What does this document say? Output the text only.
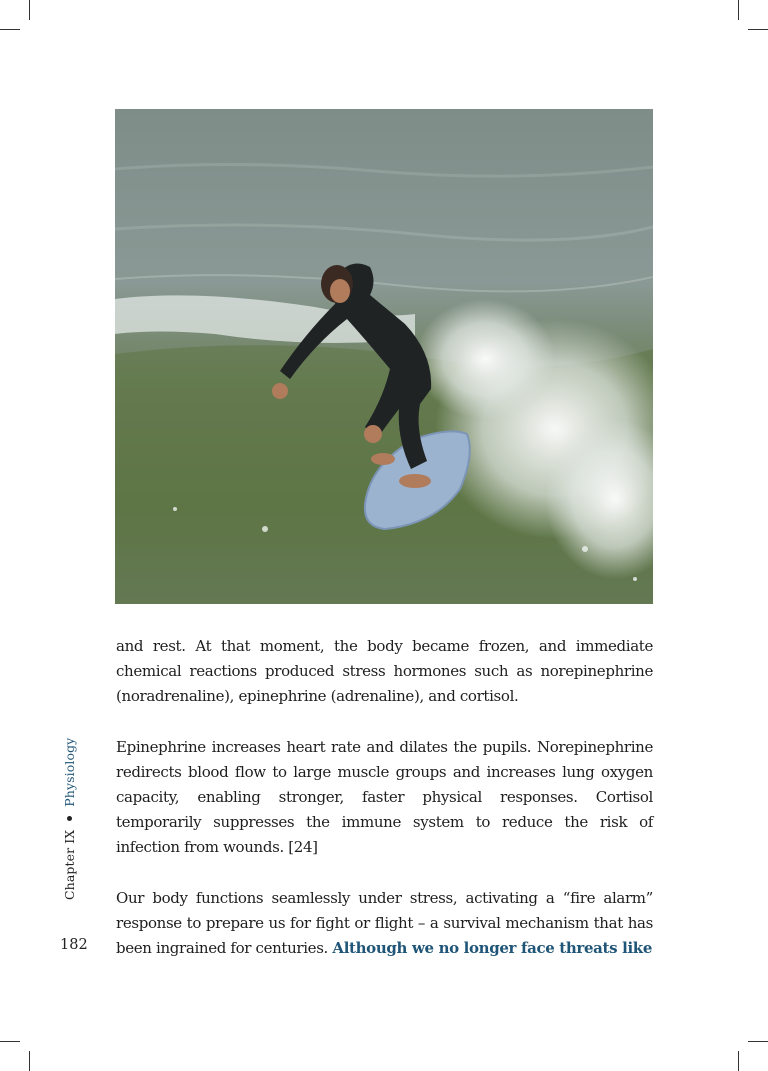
and rest. At that moment, the body became frozen, and immediate chemical reactions produced stress hormones such as norepinephrine (noradrenaline), epinephrine (adrenaline), and cortisol.

Epinephrine increases heart rate and dilates the pupils. Norepinephrine redirects blood flow to large muscle groups and increases lung oxygen capacity, enabling stronger, faster physical responses. Cortisol temporarily suppresses the immune system to reduce the risk of infection from wounds. [24]

Our body functions seamlessly under stress, activating a “fire alarm” response to prepare us for fight or flight – a survival mechanism that has been ingrained for centuries. Although we no longer face threats like

Chapter IXPhysiology
182
